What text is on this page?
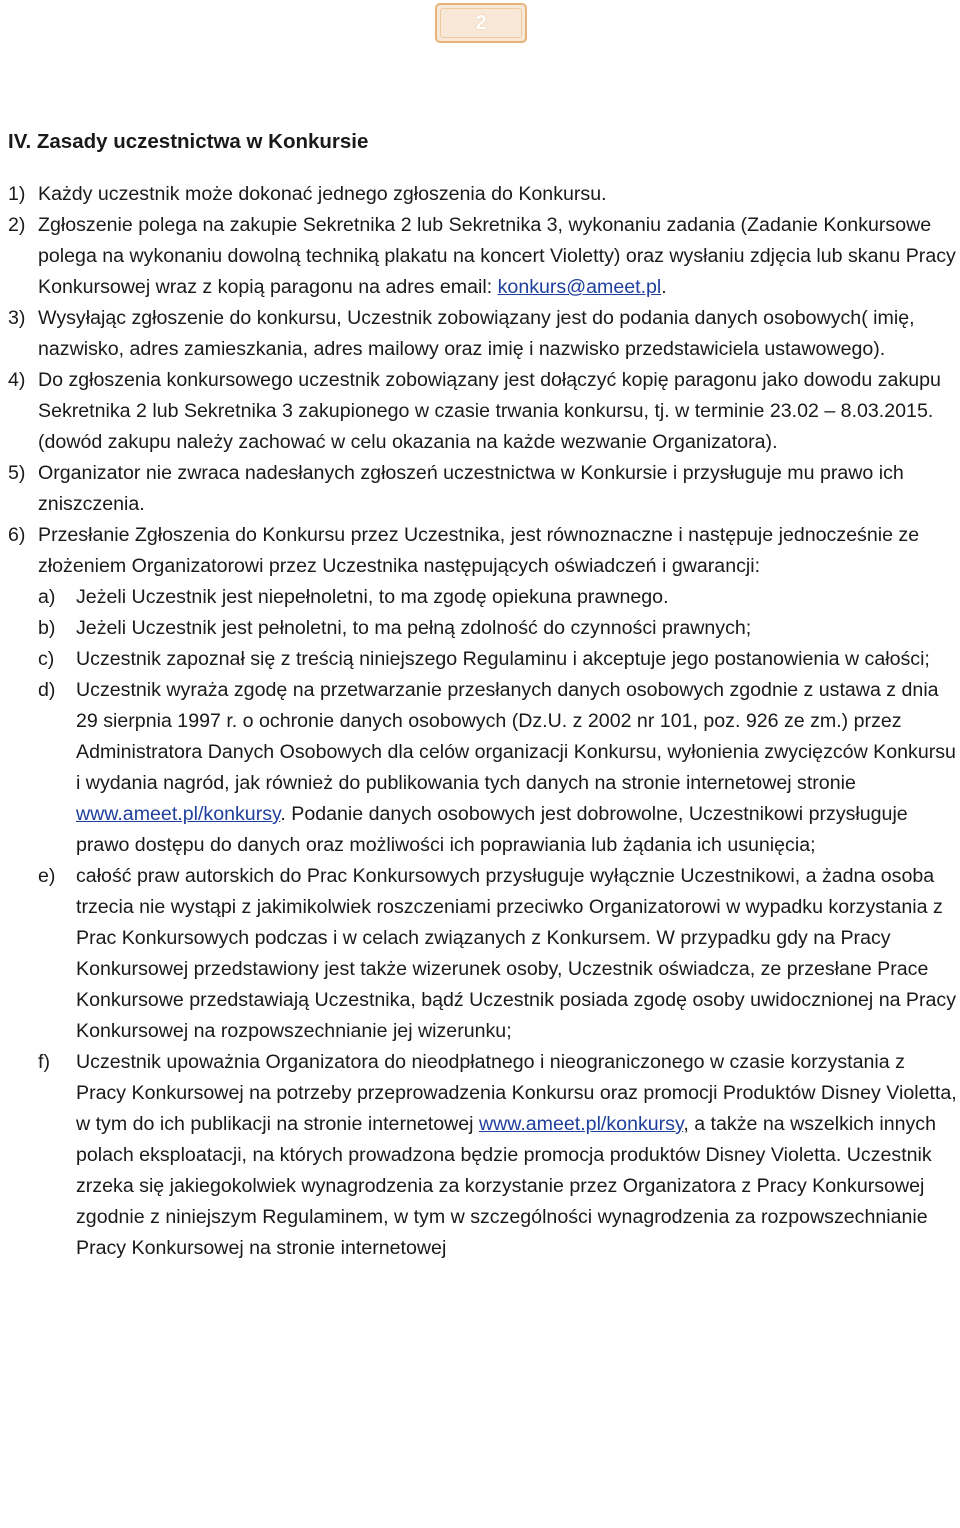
2

IV. Zasady uczestnictwa w Konkursie

1) Każdy uczestnik może dokonać jednego zgłoszenia do Konkursu.

2) Zgłoszenie polega na zakupie Sekretnika 2 lub Sekretnika 3, wykonaniu zadania (Zadanie Konkursowe polega na wykonaniu dowolną techniką plakatu na koncert Violetty) oraz wysłaniu zdjęcia lub skanu Pracy Konkursowej wraz z kopią paragonu na adres email: konkurs@ameet.pl.

3) Wysyłając zgłoszenie do konkursu, Uczestnik zobowiązany jest do podania danych osobowych( imię, nazwisko, adres zamieszkania, adres mailowy oraz imię i nazwisko przedstawiciela ustawowego).

4) Do zgłoszenia konkursowego uczestnik zobowiązany jest dołączyć kopię paragonu jako dowodu zakupu Sekretnika 2 lub Sekretnika 3 zakupionego w czasie trwania konkursu, tj. w terminie 23.02 – 8.03.2015. (dowód zakupu należy zachować w celu okazania na każde wezwanie Organizatora).

5) Organizator nie zwraca nadesłanych zgłoszeń uczestnictwa w Konkursie i przysługuje mu prawo ich zniszczenia.

6) Przesłanie Zgłoszenia do Konkursu przez Uczestnika, jest równoznaczne i następuje jednocześnie ze złożeniem Organizatorowi przez Uczestnika następujących oświadczeń i gwarancji:

a) Jeżeli Uczestnik jest niepełnoletni, to ma zgodę opiekuna prawnego.

b) Jeżeli Uczestnik jest pełnoletni, to ma pełną zdolność do czynności prawnych;

c) Uczestnik zapoznał się z treścią niniejszego Regulaminu i akceptuje jego postanowienia w całości;

d) Uczestnik wyraża zgodę na przetwarzanie przesłanych danych osobowych zgodnie z ustawa z dnia 29 sierpnia 1997 r. o ochronie danych osobowych (Dz.U. z 2002 nr 101, poz. 926 ze zm.) przez Administratora Danych Osobowych dla celów organizacji Konkursu, wyłonienia zwycięzców Konkursu i wydania nagród, jak również do publikowania tych danych na stronie internetowej stronie www.ameet.pl/konkursy. Podanie danych osobowych jest dobrowolne, Uczestnikowi przysługuje prawo dostępu do danych oraz możliwości ich poprawiania lub żądania ich usunięcia;

e) całość praw autorskich do Prac Konkursowych przysługuje wyłącznie Uczestnikowi, a żadna osoba trzecia nie wystąpi z jakimikolwiek roszczeniami przeciwko Organizatorowi w wypadku korzystania z Prac Konkursowych podczas i w celach związanych z Konkursem. W przypadku gdy na Pracy Konkursowej przedstawiony jest także wizerunek osoby, Uczestnik oświadcza, ze przesłane Prace Konkursowe przedstawiają Uczestnika, bądź Uczestnik posiada zgodę osoby uwidocznionej na Pracy Konkursowej na rozpowszechnianie jej wizerunku;

f) Uczestnik upoważnia Organizatora do nieodpłatnego i nieograniczonego w czasie korzystania z Pracy Konkursowej na potrzeby przeprowadzenia Konkursu oraz promocji Produktów Disney Violetta, w tym do ich publikacji na stronie internetowej www.ameet.pl/konkursy, a także na wszelkich innych polach eksploatacji, na których prowadzona będzie promocja produktów Disney Violetta. Uczestnik zrzeka się jakiegokolwiek wynagrodzenia za korzystanie przez Organizatora z Pracy Konkursowej zgodnie z niniejszym Regulaminem, w tym w szczególności wynagrodzenia za rozpowszechnianie Pracy Konkursowej na stronie internetowej
